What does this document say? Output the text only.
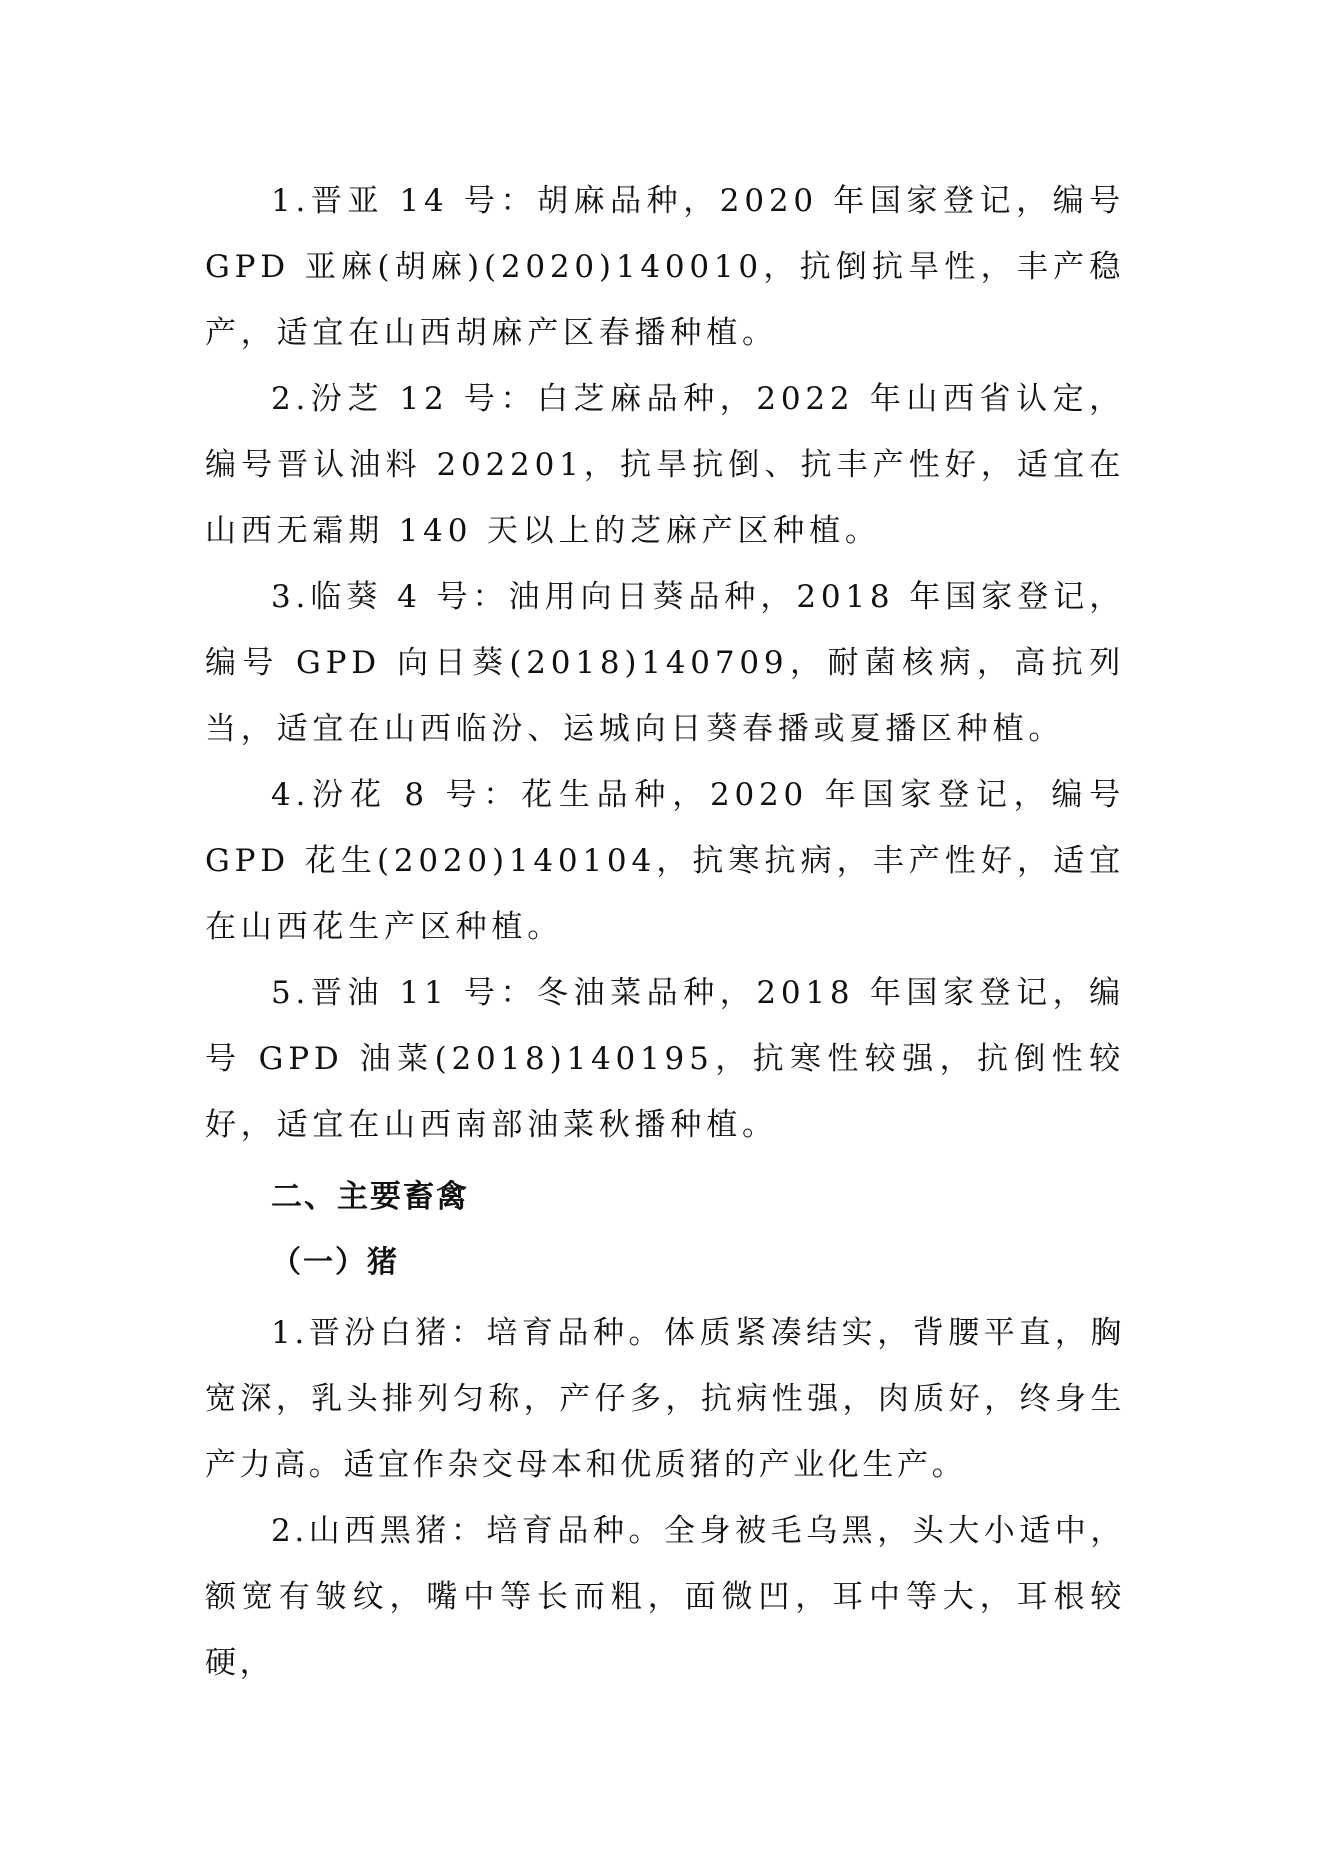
1.晋亚 14 号：胡麻品种，2020 年国家登记，编号 GPD 亚麻(胡麻)(2020)140010，抗倒抗旱性，丰产稳产，适宜在山西胡麻产区春播种植。

2.汾芝 12 号：白芝麻品种，2022 年山西省认定，编号晋认油料 202201，抗旱抗倒、抗丰产性好，适宜在山西无霜期 140 天以上的芝麻产区种植。

3.临葵 4 号：油用向日葵品种，2018 年国家登记，编号 GPD 向日葵(2018)140709，耐菌核病，高抗列当，适宜在山西临汾、运城向日葵春播或夏播区种植。

4.汾花 8 号：花生品种，2020 年国家登记，编号 GPD 花生(2020)140104，抗寒抗病，丰产性好，适宜在山西花生产区种植。

5.晋油 11 号：冬油菜品种，2018 年国家登记，编号 GPD 油菜(2018)140195，抗寒性较强，抗倒性较好，适宜在山西南部油菜秋播种植。

二、主要畜禽
（一）猪

1.晋汾白猪：培育品种。体质紧凑结实，背腰平直，胸宽深，乳头排列匀称，产仔多，抗病性强，肉质好，终身生产力高。适宜作杂交母本和优质猪的产业化生产。

2.山西黑猪：培育品种。全身被毛乌黑，头大小适中，额宽有皱纹，嘴中等长而粗，面微凹，耳中等大，耳根较硬，
